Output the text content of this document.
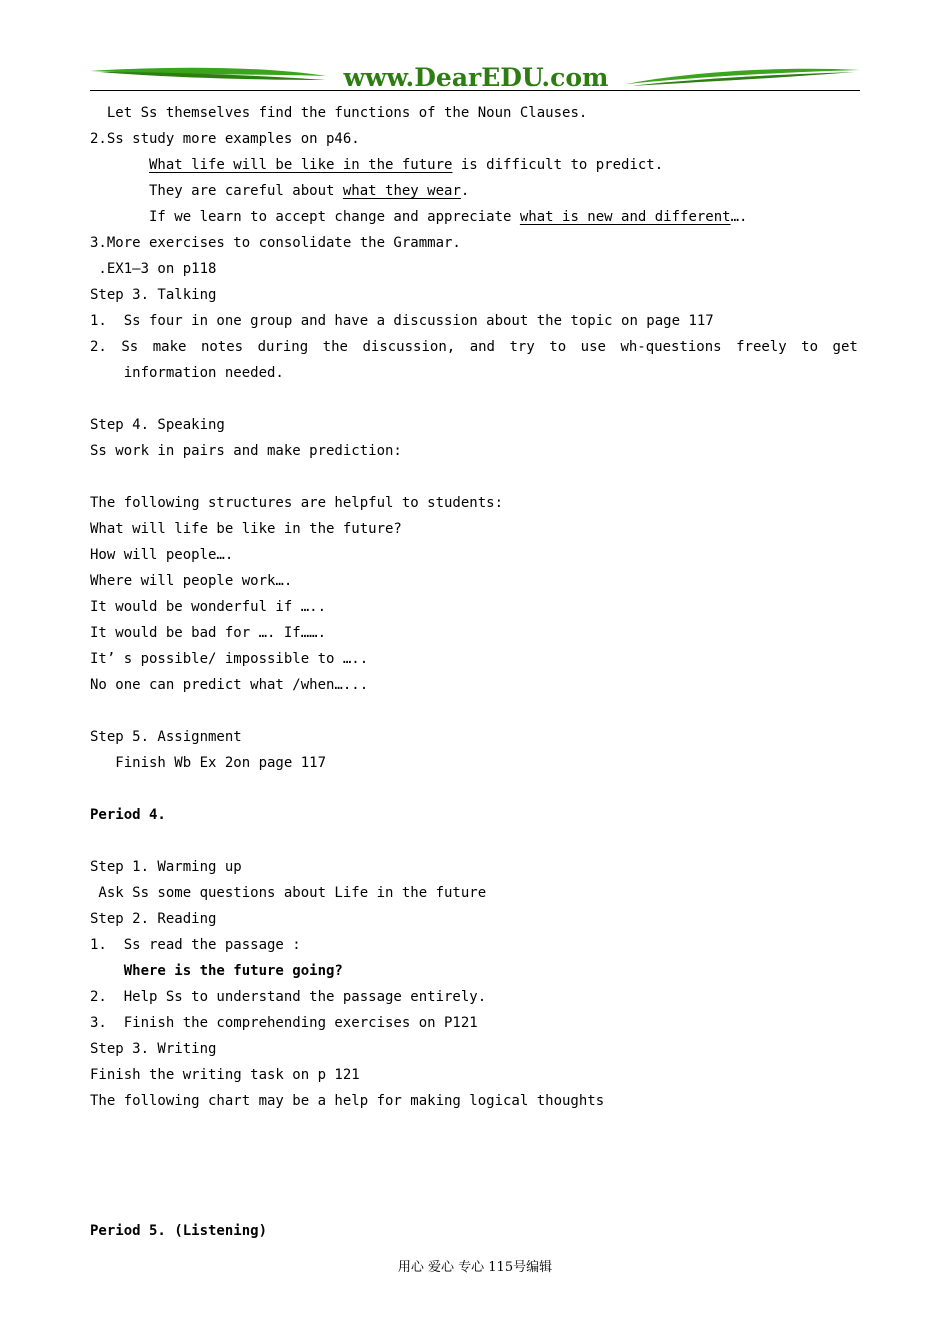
www.DearEDU.com
Let Ss themselves find the functions of the Noun Clauses.
2.Ss study more examples on p46.
What life will be like in the future is difficult to predict.
They are careful about what they wear.
If we learn to accept change and appreciate what is new and different….
3.More exercises to consolidate the Grammar.
.EX1—3 on p118
Step 3. Talking
1.  Ss four in one group and have a discussion about the topic on page 117
2. Ss make notes during the discussion, and try to use wh-questions freely to get
information needed.
Step 4. Speaking
Ss work in pairs and make prediction:
The following structures are helpful to students:
What will life be like in the future?
How will people….
Where will people work….
It would be wonderful if …..
It would be bad for …. If…….
It’ s possible/ impossible to …..
No one can predict what /when…...
Step 5. Assignment
Finish Wb Ex 2on page 117
Period 4.
Step 1. Warming up
Ask Ss some questions about Life in the future
Step 2. Reading
1.  Ss read the passage :
Where is the future going?
2.  Help Ss to understand the passage entirely.
3.  Finish the comprehending exercises on P121
Step 3. Writing
Finish the writing task on p 121
The following chart may be a help for making logical thoughts
Period 5. (Listening)
用心 爱心 专心 115号编辑
